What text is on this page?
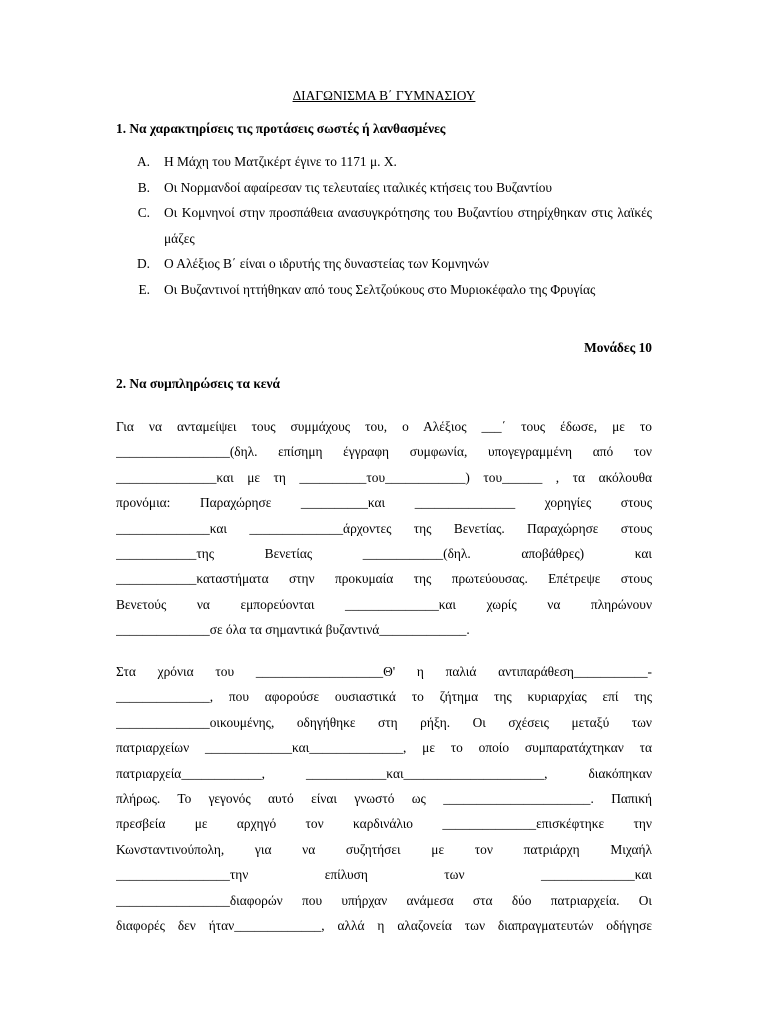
ΔΙΑΓΩΝΙΣΜΑ Β΄ ΓΥΜΝΑΣΙΟΥ
1. Να χαρακτηρίσεις τις προτάσεις σωστές ή λανθασμένες
A.	Η Μάχη του Ματζικέρτ έγινε το 1171 μ. Χ.
B.	Οι Νορμανδοί αφαίρεσαν τις τελευταίες ιταλικές κτήσεις του Βυζαντίου
C.	Οι Κομνηνοί στην προσπάθεια ανασυγκρότησης του Βυζαντίου στηρίχθηκαν στις λαϊκές μάζες
D.	Ο Αλέξιος Β΄ είναι ο ιδρυτής της δυναστείας των Κομνηνών
E.	Οι Βυζαντινοί ηττήθηκαν από τους Σελτζούκους στο Μυριοκέφαλο της Φρυγίας
Μονάδες 10
2. Να συμπληρώσεις τα κενά
Για να ανταμείψει τους συμμάχους του, ο Αλέξιος ___΄ τους έδωσε, με το
_________________(δηλ. επίσημη έγγραφη συμφωνία, υπογεγραμμένη από τον
_______________και με τη __________του____________) του______ , τα ακόλουθα
προνόμια: Παραχώρησε __________και _______________ χορηγίες στους
______________και ______________άρχοντες της Βενετίας. Παραχώρησε στους
____________της Βενετίας ____________(δηλ. αποβάθρες) και
____________καταστήματα στην προκυμαία της πρωτεύουσας. Επέτρεψε στους
Βενετούς να εμπορεύονται ______________και χωρίς να πληρώνουν
______________σε όλα τα σημαντικά βυζαντινά_____________.
Στα χρόνια του ___________________Θ' η παλιά αντιπαράθεση___________-
______________, που αφορούσε ουσιαστικά το ζήτημα της κυριαρχίας επί της
______________οικουμένης, οδηγήθηκε στη ρήξη. Οι σχέσεις μεταξύ των
πατριαρχείων _____________και______________, με το οποίο συμπαρατάχτηκαν τα
πατριαρχεία____________, ____________και_____________________, διακόπηκαν
πλήρως. Το γεγονός αυτό είναι γνωστό ως ______________________. Παπική
πρεσβεία με αρχηγό τον καρδινάλιο ______________επισκέφτηκε την
Κωνσταντινούπολη, για να συζητήσει με τον πατριάρχη Μιχαήλ
_________________την επίλυση των ______________και
_________________διαφορών που υπήρχαν ανάμεσα στα δύο πατριαρχεία. Οι
διαφορές δεν ήταν_____________, αλλά η αλαζονεία των διαπραγματευτών οδήγησε
